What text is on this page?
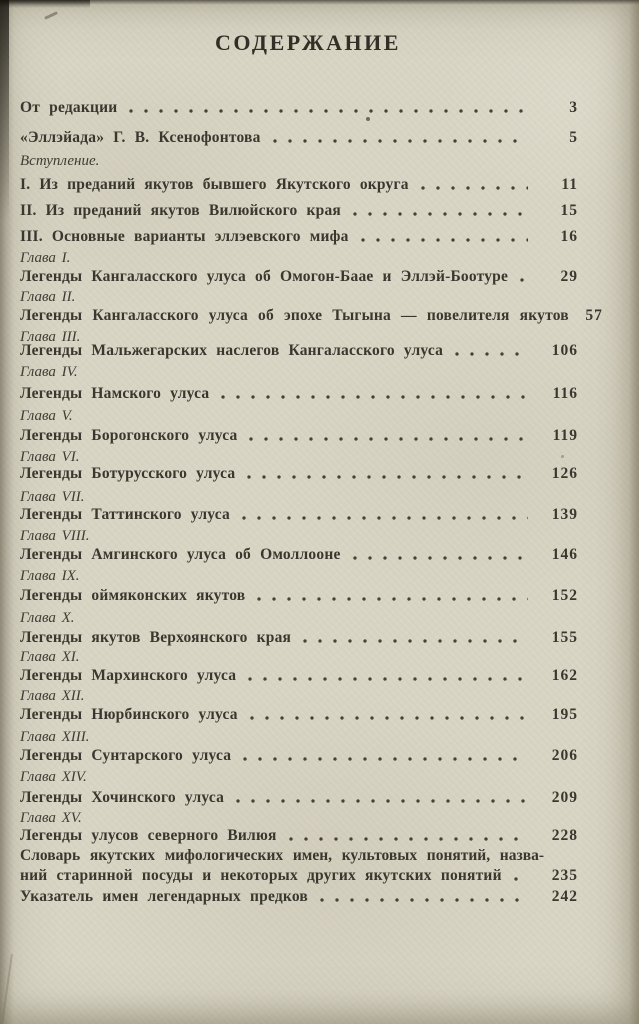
СОДЕРЖАНИЕ
От редакции	3
«Эллэйада» Г. В. Ксенофонтова	5
Вступление.
I. Из преданий якутов бывшего Якутского округа	11
II. Из преданий якутов Вилюйского края	15
III. Основные варианты эллэевского мифа	16
Глава I.
Легенды Кангаласского улуса об Омогон-Баае и Эллэй-Боотуре	29
Глава II.
Легенды Кангаласского улуса об эпохе Тыгына — повелителя якутов	57
Глава III.
Легенды Мальжегарских наслегов Кангаласского улуса	106
Глава IV.
Легенды Намского улуса	116
Глава V.
Легенды Борогонского улуса	119
Глава VI.
Легенды Ботурусского улуса	126
Глава VII.
Легенды Таттинского улуса	139
Глава VIII.
Легенды Амгинского улуса об Омоллооне	146
Глава IX.
Легенды оймяконских якутов	152
Глава X.
Легенды якутов Верхоянского края	155
Глава XI.
Легенды Мархинского улуса	162
Глава XII.
Легенды Нюрбинского улуса	195
Глава XIII.
Легенды Сунтарского улуса	206
Глава XIV.
Легенды Хочинского улуса	209
Глава XV.
Легенды улусов северного Вилюя	228
Словарь якутских мифологических имен, культовых понятий, назва-
ний старинной посуды и некоторых других якутских понятий	235
Указатель имен легендарных предков	242
